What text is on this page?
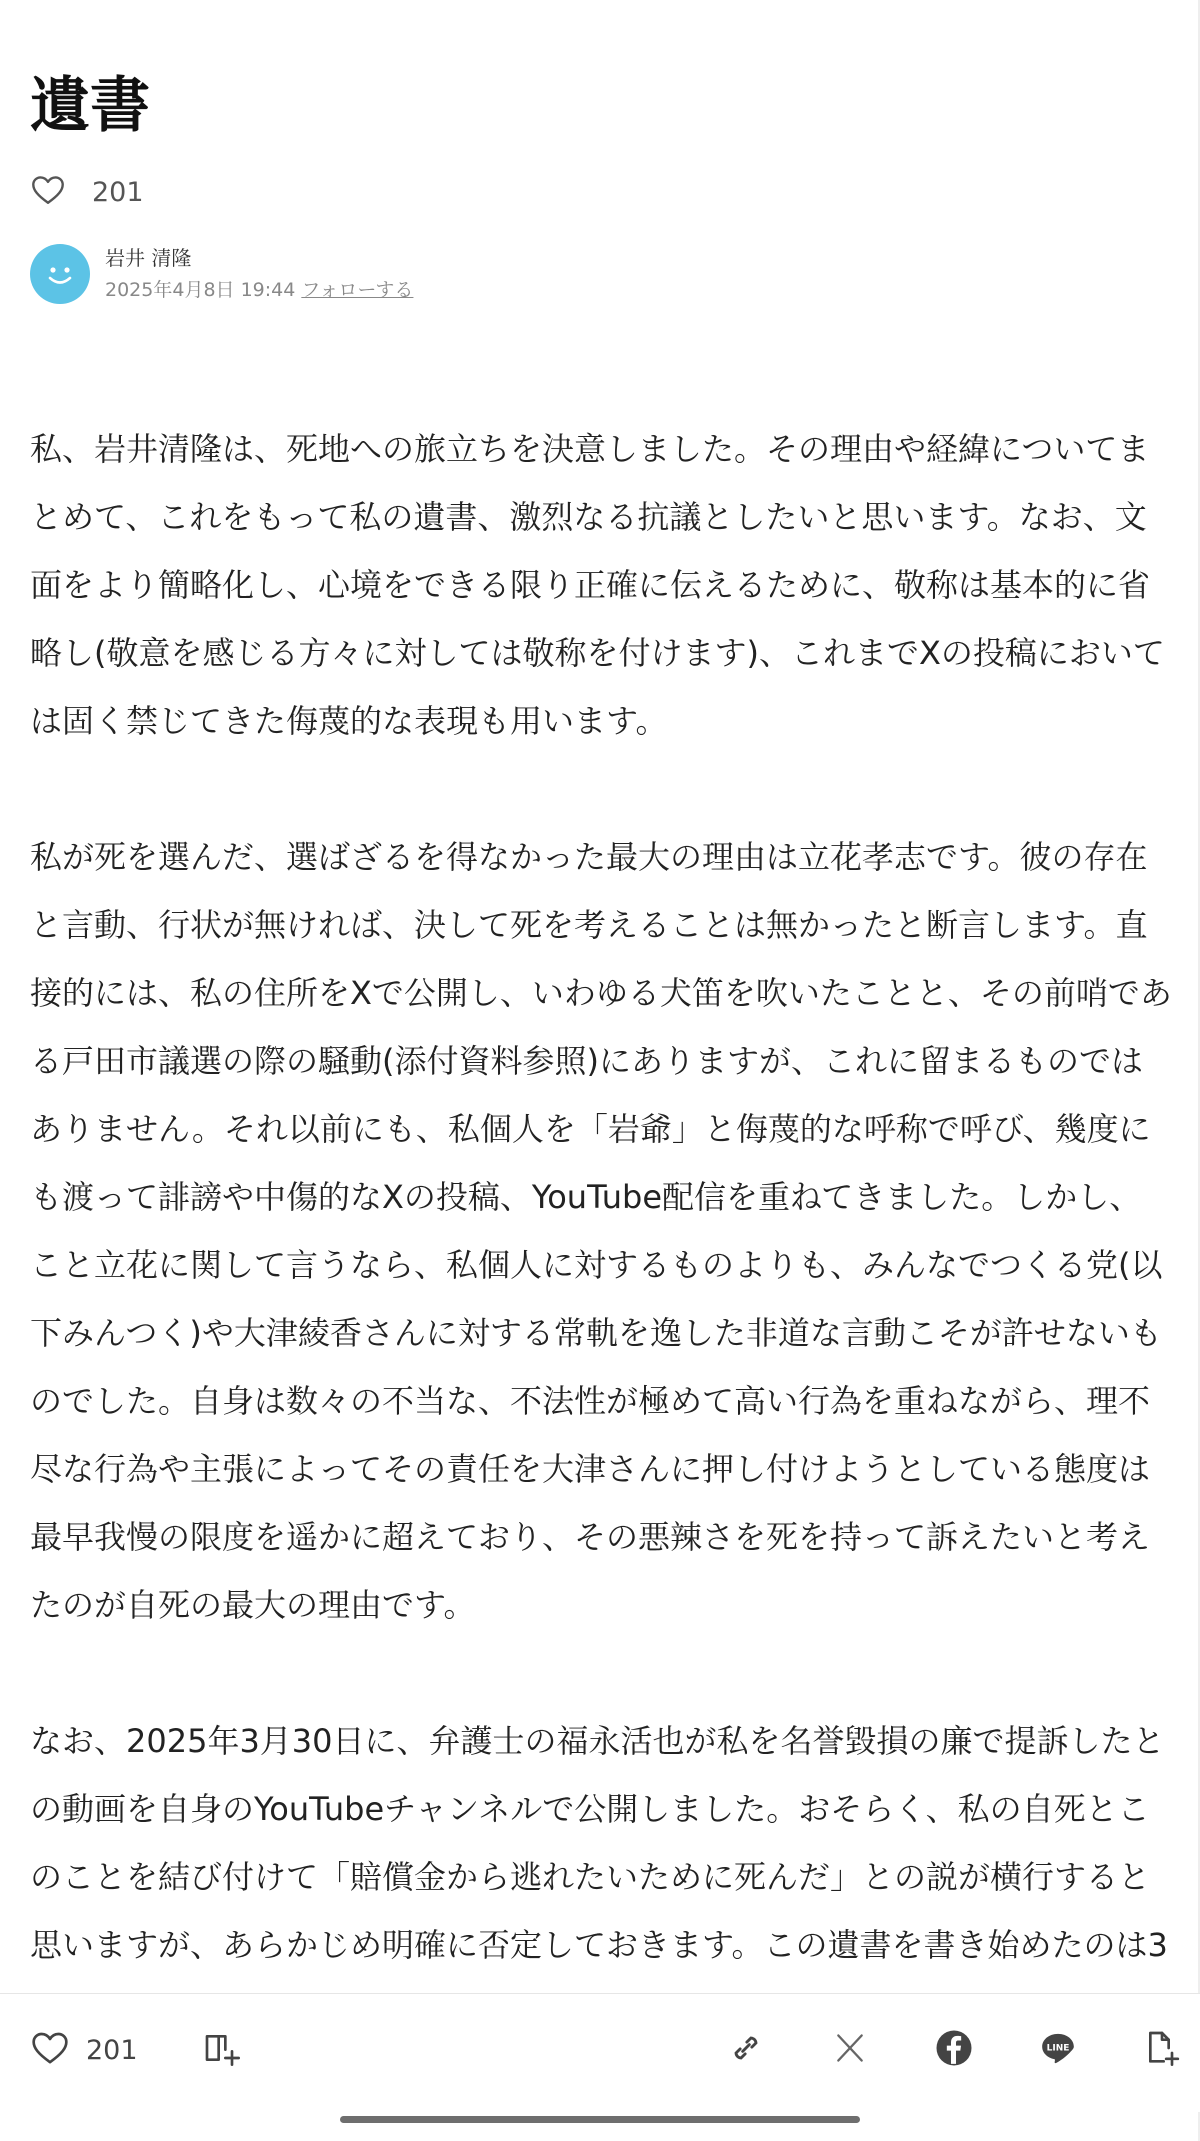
遺書
201
岩井 清隆
2025年4月8日 19:44 フォローする

私、岩井清隆は、死地への旅立ちを決意しました。その理由や経緯についてまとめて、これをもって私の遺書、激烈なる抗議としたいと思います。なお、文面をより簡略化し、心境をできる限り正確に伝えるために、敬称は基本的に省略し(敬意を感じる方々に対しては敬称を付けます)、これまでXの投稿においては固く禁じてきた侮蔑的な表現も用います。

私が死を選んだ、選ばざるを得なかった最大の理由は立花孝志です。彼の存在と言動、行状が無ければ、決して死を考えることは無かったと断言します。直接的には、私の住所をXで公開し、いわゆる犬笛を吹いたことと、その前哨である戸田市議選の際の騒動(添付資料参照)にありますが、これに留まるものではありません。それ以前にも、私個人を「岩爺」と侮蔑的な呼称で呼び、幾度にも渡って誹謗や中傷的なXの投稿、YouTube配信を重ねてきました。しかし、こと立花に関して言うなら、私個人に対するものよりも、みんなでつくる党(以下みんつく)や大津綾香さんに対する常軌を逸した非道な言動こそが許せないものでした。自身は数々の不当な、不法性が極めて高い行為を重ねながら、理不尽な行為や主張によってその責任を大津さんに押し付けようとしている態度は最早我慢の限度を遥かに超えており、その悪辣さを死を持って訴えたいと考えたのが自死の最大の理由です。

なお、2025年3月30日に、弁護士の福永活也が私を名誉毀損の廉で提訴したとの動画を自身のYouTubeチャンネルで公開しました。おそらく、私の自死とこのことを結び付けて「賠償金から逃れたいために死んだ」との説が横行すると思いますが、あらかじめ明確に否定しておきます。この遺書を書き始めたのは3

201	LINE
